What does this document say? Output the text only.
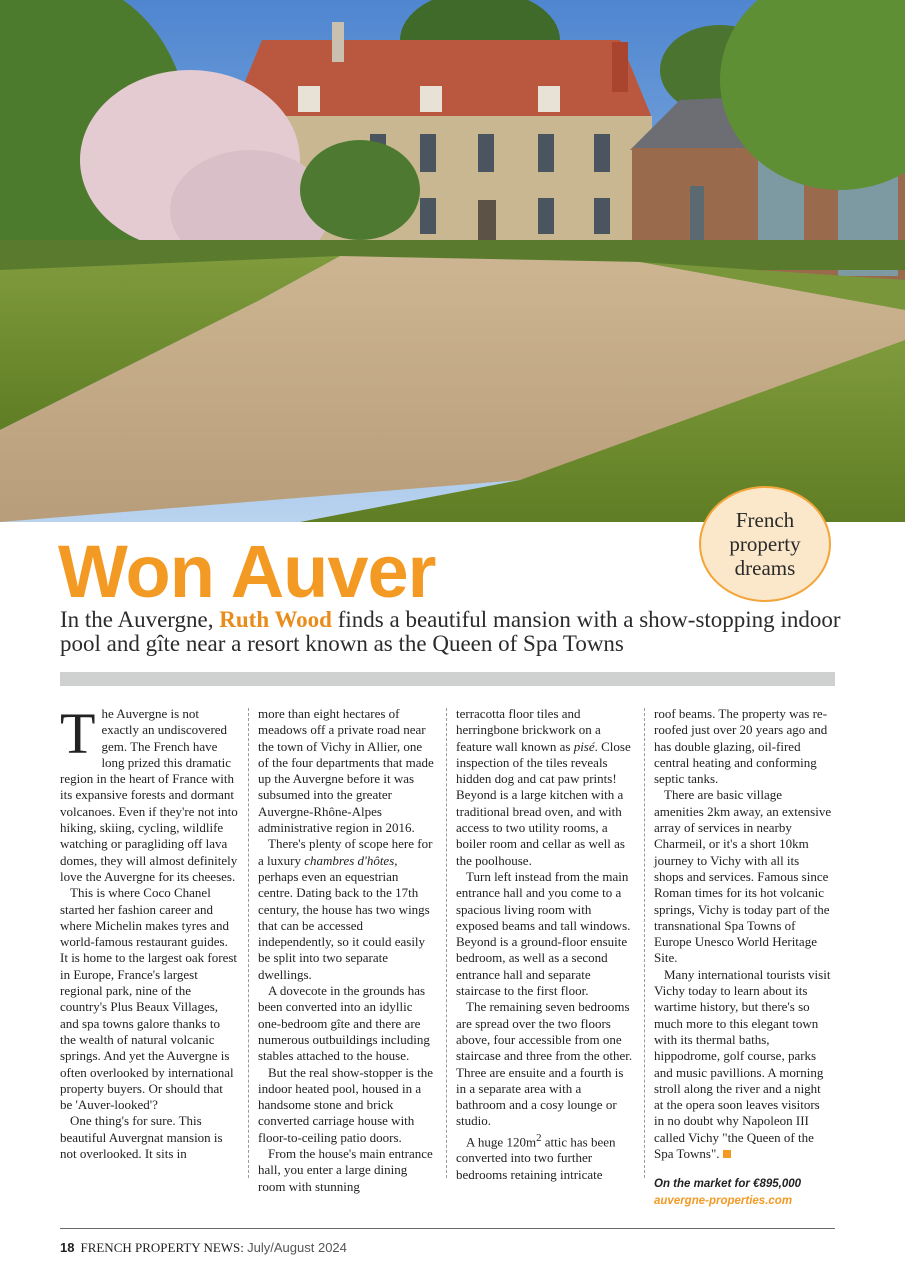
French property dreams
Won Auver

In the Auvergne, Ruth Wood finds a beautiful mansion with a show-stopping indoor pool and gîte near a resort known as the Queen of Spa Towns

The Auvergne is not exactly an undiscovered gem. The French have long prized this dramatic region in the heart of France with its expansive forests and dormant volcanoes. Even if they're not into hiking, skiing, cycling, wildlife watching or paragliding off lava domes, they will almost definitely love the Auvergne for its cheeses.

This is where Coco Chanel started her fashion career and where Michelin makes tyres and world-famous restaurant guides. It is home to the largest oak forest in Europe, France's largest regional park, nine of the country's Plus Beaux Villages, and spa towns galore thanks to the wealth of natural volcanic springs. And yet the Auvergne is often overlooked by international property buyers. Or should that be 'Auver-looked'?

One thing's for sure. This beautiful Auvergnat mansion is not overlooked. It sits in

more than eight hectares of meadows off a private road near the town of Vichy in Allier, one of the four departments that made up the Auvergne before it was subsumed into the greater Auvergne-Rhône-Alpes administrative region in 2016.

There's plenty of scope here for a luxury chambres d'hôtes, perhaps even an equestrian centre. Dating back to the 17th century, the house has two wings that can be accessed independently, so it could easily be split into two separate dwellings.

A dovecote in the grounds has been converted into an idyllic one-bedroom gîte and there are numerous outbuildings including stables attached to the house.

But the real show-stopper is the indoor heated pool, housed in a handsome stone and brick converted carriage house with floor-to-ceiling patio doors.

From the house's main entrance hall, you enter a large dining room with stunning

terracotta floor tiles and herringbone brickwork on a feature wall known as pisé. Close inspection of the tiles reveals hidden dog and cat paw prints! Beyond is a large kitchen with a traditional bread oven, and with access to two utility rooms, a boiler room and cellar as well as the poolhouse.

Turn left instead from the main entrance hall and you come to a spacious living room with exposed beams and tall windows. Beyond is a ground-floor ensuite bedroom, as well as a second entrance hall and separate staircase to the first floor.

The remaining seven bedrooms are spread over the two floors above, four accessible from one staircase and three from the other. Three are ensuite and a fourth is in a separate area with a bathroom and a cosy lounge or studio.

A huge $120m^2$ attic has been converted into two further bedrooms retaining intricate

roof beams. The property was re-roofed just over 20 years ago and has double glazing, oil-fired central heating and conforming septic tanks.

There are basic village amenities 2km away, an extensive array of services in nearby Charmeil, or it's a short 10km journey to Vichy with all its shops and services. Famous since Roman times for its hot volcanic springs, Vichy is today part of the transnational Spa Towns of Europe Unesco World Heritage Site.

Many international tourists visit Vichy today to learn about its wartime history, but there's so much more to this elegant town with its thermal baths, hippodrome, golf course, parks and music pavillions. A morning stroll along the river and a night at the opera soon leaves visitors in no doubt why Napoleon III called Vichy "the Queen of the Spa Towns".

On the market for €895,000
auvergne-properties.com

18 FRENCH PROPERTY NEWS: July/August 2024
